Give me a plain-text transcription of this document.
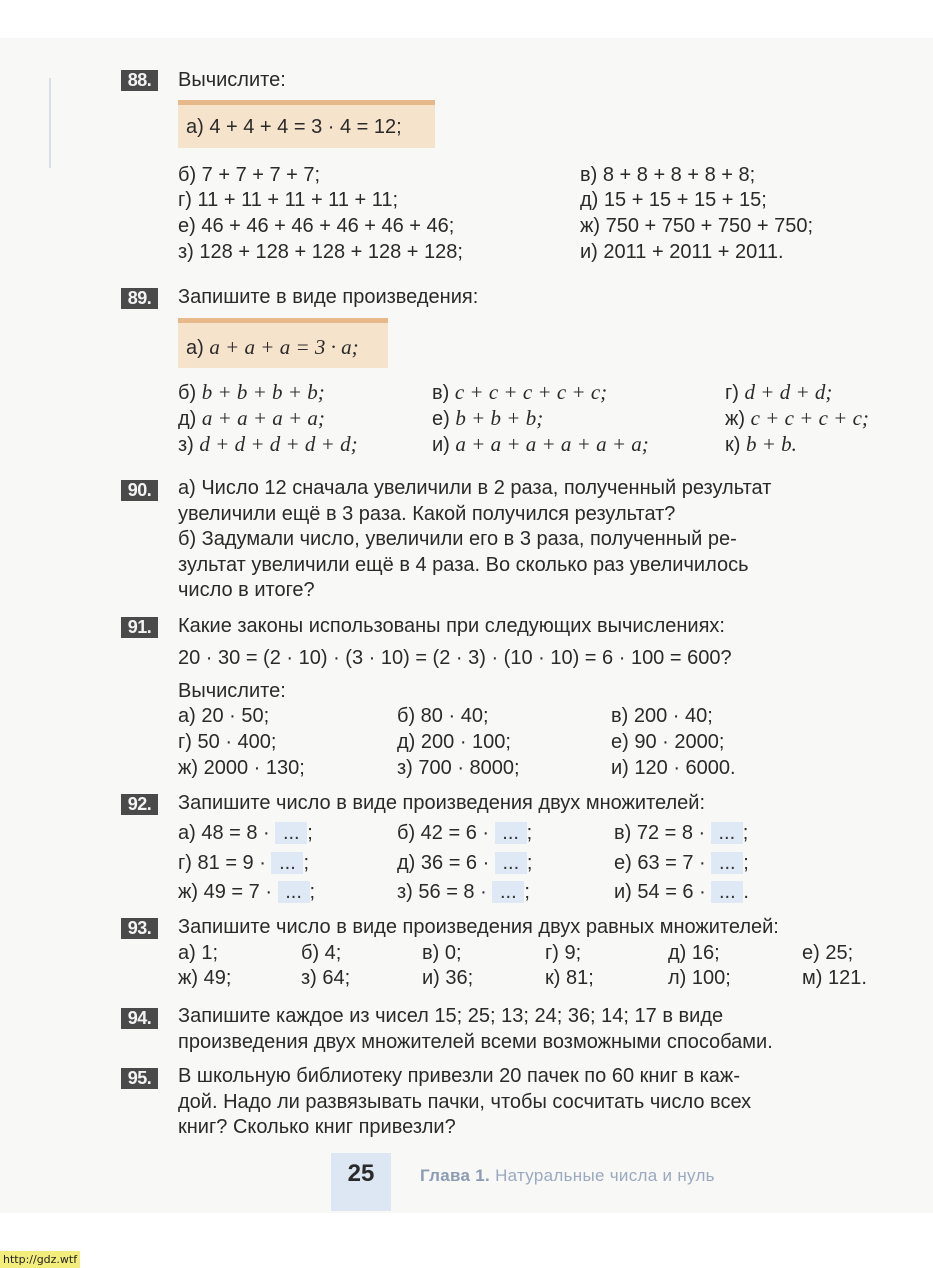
88.	Вычислите:
а) 4 + 4 + 4 = 3 · 4 = 12;
б) 7 + 7 + 7 + 7;	в) 8 + 8 + 8 + 8 + 8;
г) 11 + 11 + 11 + 11 + 11;	д) 15 + 15 + 15 + 15;
е) 46 + 46 + 46 + 46 + 46 + 46;	ж) 750 + 750 + 750 + 750;
з) 128 + 128 + 128 + 128 + 128;	и) 2011 + 2011 + 2011.
89.	Запишите в виде произведения:
а) a + a + a = 3 · a;
б) b + b + b + b;	в) c + c + c + c + c;	г) d + d + d;
д) a + a + a + a;	е) b + b + b;	ж) c + c + c + c;
з) d + d + d + d + d;	и) a + a + a + a + a + a;	к) b + b.
90.	а) Число 12 сначала увеличили в 2 раза, полученный результат
увеличили ещё в 3 раза. Какой получился результат?
б) Задумали число, увеличили его в 3 раза, полученный ре-
зультат увеличили ещё в 4 раза. Во сколько раз увеличилось
число в итоге?
91.	Какие законы использованы при следующих вычислениях:
20 · 30 = (2 · 10) · (3 · 10) = (2 · 3) · (10 · 10) = 6 · 100 = 600?
Вычислите:
а) 20 · 50;	б) 80 · 40;	в) 200 · 40;
г) 50 · 400;	д) 200 · 100;	е) 90 · 2000;
ж) 2000 · 130;	з) 700 · 8000;	и) 120 · 6000.
92.	Запишите число в виде произведения двух множителей:
а) 48 = 8 · ... ;	б) 42 = 6 · ... ;	в) 72 = 8 · ... ;
г) 81 = 9 · ... ;	д) 36 = 6 · ... ;	е) 63 = 7 · ... ;
ж) 49 = 7 · ... ;	з) 56 = 8 · ... ;	и) 54 = 6 · ... .
93.	Запишите число в виде произведения двух равных множителей:
а) 1;	б) 4;	в) 0;	г) 9;	д) 16;	е) 25;
ж) 49;	з) 64;	и) 36;	к) 81;	л) 100;	м) 121.
94.	Запишите каждое из чисел 15; 25; 13; 24; 36; 14; 17 в виде
произведения двух множителей всеми возможными способами.
95.	В школьную библиотеку привезли 20 пачек по 60 книг в каж-
дой. Надо ли развязывать пачки, чтобы сосчитать число всех
книг? Сколько книг привезли?
25	Глава 1. Натуральные числа и нуль
http://gdz.wtf
